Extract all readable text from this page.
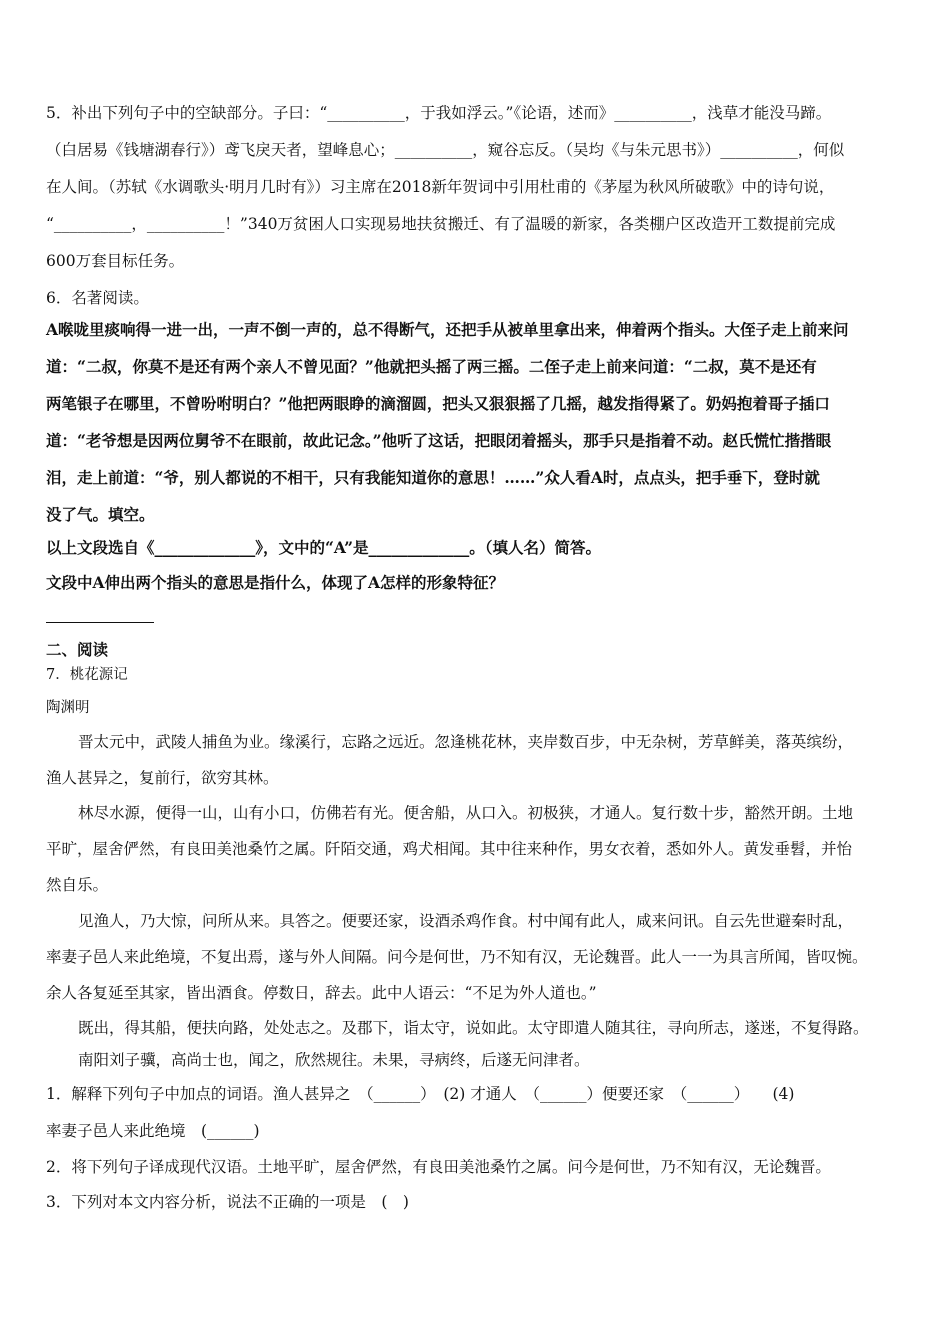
5．补出下列句子中的空缺部分。子曰：“__________，于我如浮云。”《论语，述而》__________，浅草才能没马蹄。
（白居易《钱塘湖春行》）鸢飞戾天者，望峰息心；__________，窥谷忘反。（吴均《与朱元思书》）__________，何似
在人间。（苏轼《水调歌头·明月几时有》）习主席在2018新年贺词中引用杜甫的《茅屋为秋风所破歌》中的诗句说，
“__________，__________！”340万贫困人口实现易地扶贫搬迁、有了温暖的新家，各类棚户区改造开工数提前完成
600万套目标任务。
6．名著阅读。
A喉咙里痰响得一进一出，一声不倒一声的，总不得断气，还把手从被单里拿出来，伸着两个指头。大侄子走上前来问
道：“二叔，你莫不是还有两个亲人不曾见面？”他就把头摇了两三摇。二侄子走上前来问道：“二叔，莫不是还有
两笔银子在哪里，不曾吩咐明白？”他把两眼睁的滴溜圆，把头又狠狠摇了几摇，越发指得紧了。奶妈抱着哥子插口
道：“老爷想是因两位舅爷不在眼前，故此记念。”他听了这话，把眼闭着摇头，那手只是指着不动。赵氏慌忙揩揩眼
泪，走上前道：“爷，别人都说的不相干，只有我能知道你的意思！……”众人看A时，点点头，把手垂下，登时就
没了气。填空。
以上文段选自《_____________》，文中的“A”是_____________。（填人名）简答。
文段中A伸出两个指头的意思是指什么，体现了A怎样的形象特征？
二、阅读
7．桃花源记
陶渊明
晋太元中，武陵人捕鱼为业。缘溪行，忘路之远近。忽逢桃花林，夹岸数百步，中无杂树，芳草鲜美，落英缤纷，
渔人甚异之，复前行，欲穷其林。
林尽水源，便得一山，山有小口，仿佛若有光。便舍船，从口入。初极狭，才通人。复行数十步，豁然开朗。土地
平旷，屋舍俨然，有良田美池桑竹之属。阡陌交通，鸡犬相闻。其中往来种作，男女衣着，悉如外人。黄发垂髫，并怡
然自乐。
见渔人，乃大惊，问所从来。具答之。便要还家，设酒杀鸡作食。村中闻有此人，咸来问讯。自云先世避秦时乱，
率妻子邑人来此绝境，不复出焉，遂与外人间隔。问今是何世，乃不知有汉，无论魏晋。此人一一为具言所闻，皆叹惋。
余人各复延至其家，皆出酒食。停数日，辞去。此中人语云：“不足为外人道也。”
既出，得其船，便扶向路，处处志之。及郡下，诣太守，说如此。太守即遣人随其往，寻向所志，遂迷，不复得路。
南阳刘子骥，高尚士也，闻之，欣然规往。未果，寻病终，后遂无问津者。
1．解释下列句子中加点的词语。渔人甚异之　（______）　(2) 才通人　（______）便要还家　（______）　　(4)
率妻子邑人来此绝境　(______)
2．将下列句子译成现代汉语。土地平旷，屋舍俨然，有良田美池桑竹之属。问今是何世，乃不知有汉，无论魏晋。
3．下列对本文内容分析，说法不正确的一项是　(　)
